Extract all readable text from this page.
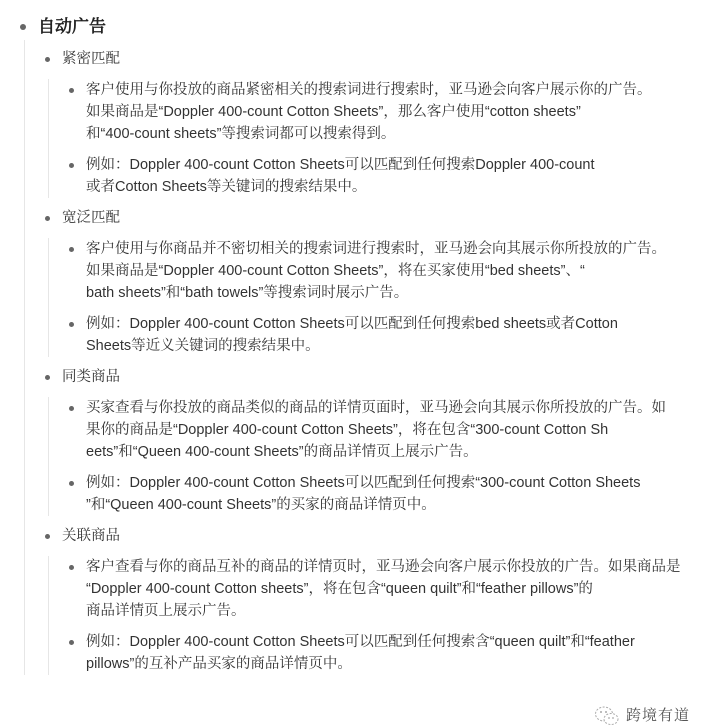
自动广告
紧密匹配
客户使用与你投放的商品紧密相关的搜索词进行搜索时，亚马逊会向客户展示你的广告。
如果商品是“Doppler 400-count Cotton Sheets”，那么客户使用“cotton sheets”
和“400-count sheets”等搜索词都可以搜索得到。
例如：Doppler 400-count Cotton Sheets可以匹配到任何搜索Doppler 400-count
或者Cotton Sheets等关键词的搜索结果中。
宽泛匹配
客户使用与你商品并不密切相关的搜索词进行搜索时，亚马逊会向其展示你所投放的广告。
如果商品是“Doppler 400-count Cotton Sheets”，将在买家使用“bed sheets”、“
bath sheets”和“bath towels”等搜索词时展示广告。
例如：Doppler 400-count Cotton Sheets可以匹配到任何搜索bed sheets或者Cotton
Sheets等近义关键词的搜索结果中。
同类商品
买家查看与你投放的商品类似的商品的详情页面时，亚马逊会向其展示你所投放的广告。如
果你的商品是“Doppler 400-count Cotton Sheets”，将在包含“300-count Cotton Sh
eets”和“Queen 400-count Sheets”的商品详情页上展示广告。
例如：Doppler 400-count Cotton Sheets可以匹配到任何搜索“300-count Cotton Sheets
”和“Queen 400-count Sheets”的买家的商品详情页中。
关联商品
客户查看与你的商品互补的商品的详情页时，亚马逊会向客户展示你投放的广告。如果商品是
“Doppler 400-count Cotton sheets”，将在包含“queen quilt”和“feather pillows”的
商品详情页上展示广告。
例如：Doppler 400-count Cotton Sheets可以匹配到任何搜索含“queen quilt”和“feather
pillows”的互补产品买家的商品详情页中。
跨境有道
